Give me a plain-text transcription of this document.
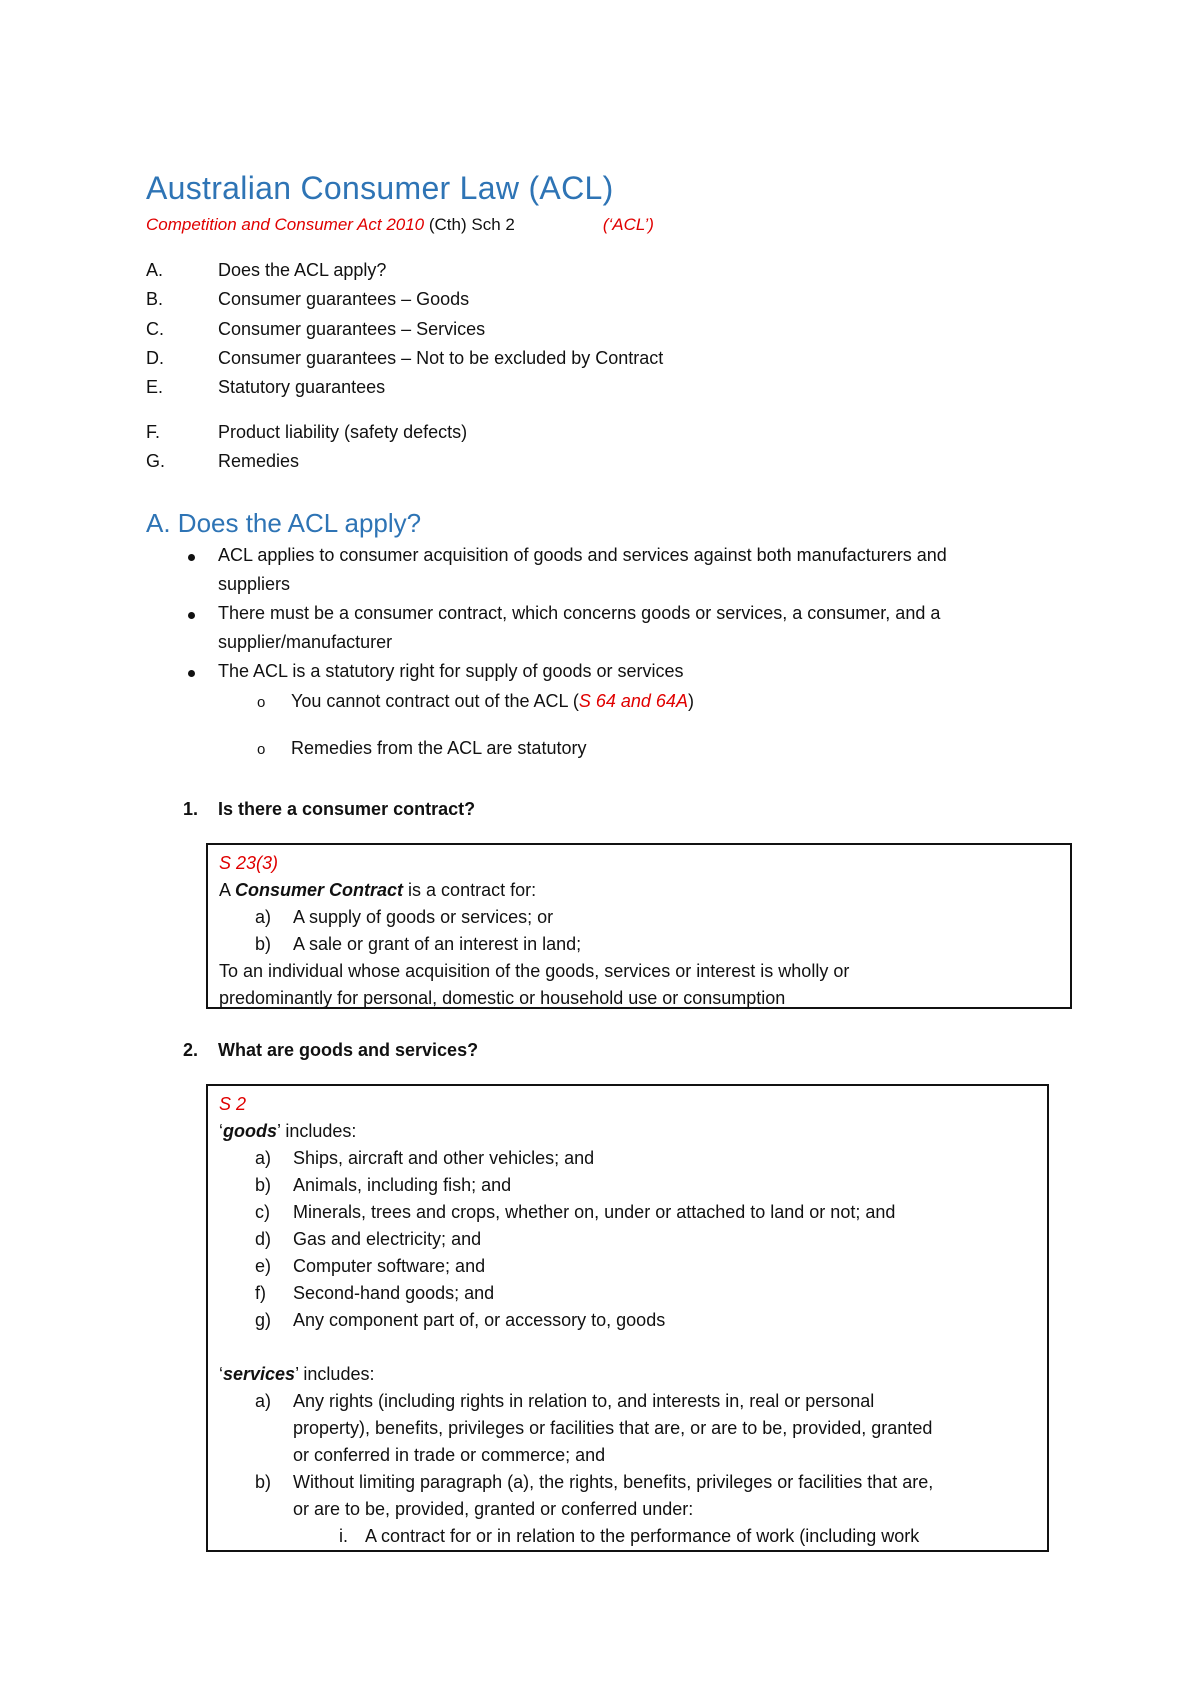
Australian Consumer Law (ACL)
Competition and Consumer Act 2010 (Cth) Sch 2	(‘ACL’)
A.	Does the ACL apply?
B.	Consumer guarantees – Goods
C.	Consumer guarantees – Services
D.	Consumer guarantees – Not to be excluded by Contract
E.	Statutory guarantees
F.	Product liability (safety defects)
G.	Remedies
A. Does the ACL apply?
ACL applies to consumer acquisition of goods and services against both manufacturers and
suppliers
There must be a consumer contract, which concerns goods or services, a consumer, and a
supplier/manufacturer
The ACL is a statutory right for supply of goods or services
o You cannot contract out of the ACL (S 64 and 64A)
o Remedies from the ACL are statutory
1. Is there a consumer contract?
S 23(3)
A Consumer Contract is a contract for:
a) A supply of goods or services; or
b) A sale or grant of an interest in land;
To an individual whose acquisition of the goods, services or interest is wholly or
predominantly for personal, domestic or household use or consumption
2. What are goods and services?
S 2
‘goods’ includes:
a) Ships, aircraft and other vehicles; and
b) Animals, including fish; and
c) Minerals, trees and crops, whether on, under or attached to land or not; and
d) Gas and electricity; and
e) Computer software; and
f) Second-hand goods; and
g) Any component part of, or accessory to, goods
‘services’ includes:
a) Any rights (including rights in relation to, and interests in, real or personal
property), benefits, privileges or facilities that are, or are to be, provided, granted
or conferred in trade or commerce; and
b) Without limiting paragraph (a), the rights, benefits, privileges or facilities that are,
or are to be, provided, granted or conferred under:
i. A contract for or in relation to the performance of work (including work
